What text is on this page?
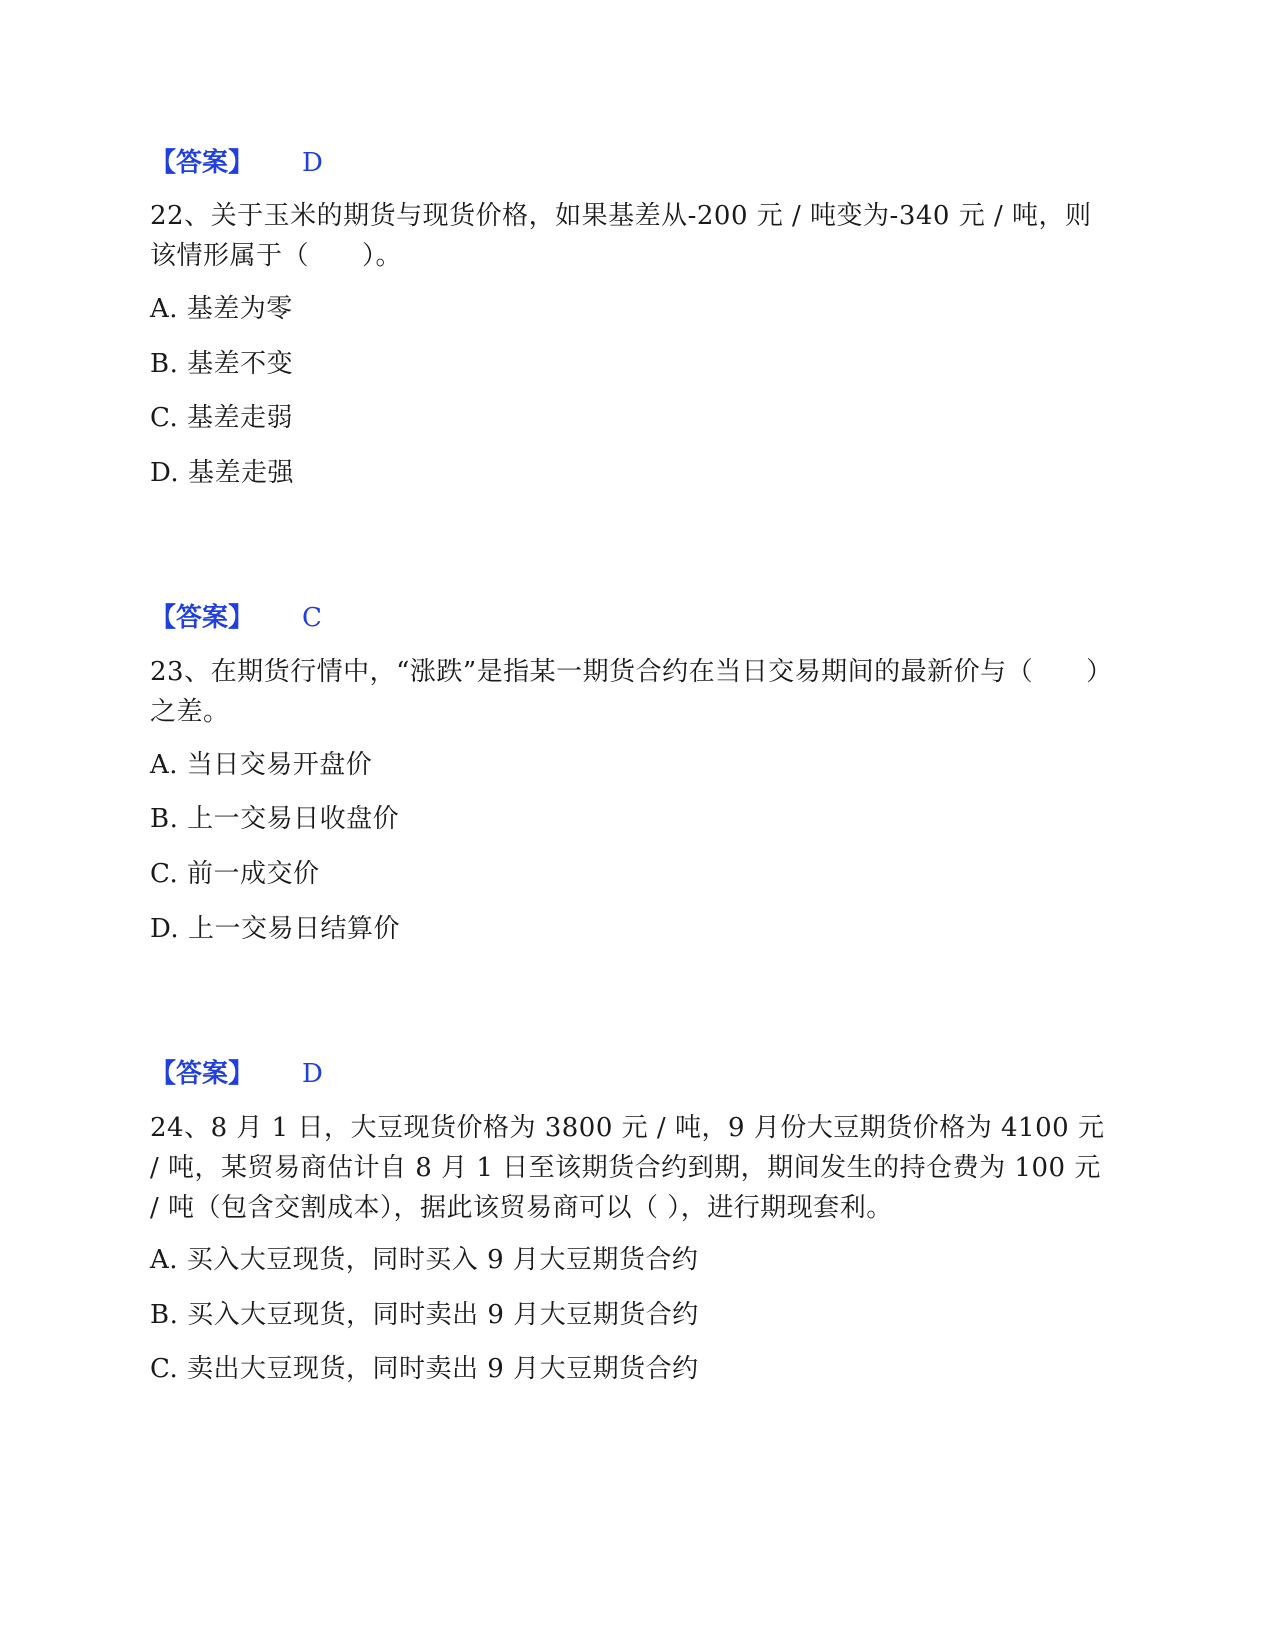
【答案】 D
22、关于玉米的期货与现货价格，如果基差从-200 元 / 吨变为-340 元 / 吨，则该情形属于（　　）。
A. 基差为零
B. 基差不变
C. 基差走弱
D. 基差走强
【答案】 C
23、在期货行情中，“涨跌”是指某一期货合约在当日交易期间的最新价与（　　）之差。
A. 当日交易开盘价
B. 上一交易日收盘价
C. 前一成交价
D. 上一交易日结算价
【答案】 D
24、8 月 1 日，大豆现货价格为 3800 元 / 吨，9 月份大豆期货价格为 4100 元 / 吨，某贸易商估计自 8 月 1 日至该期货合约到期，期间发生的持仓费为 100 元 / 吨（包含交割成本），据此该贸易商可以（ ），进行期现套利。
A. 买入大豆现货，同时买入 9 月大豆期货合约
B. 买入大豆现货，同时卖出 9 月大豆期货合约
C. 卖出大豆现货，同时卖出 9 月大豆期货合约
